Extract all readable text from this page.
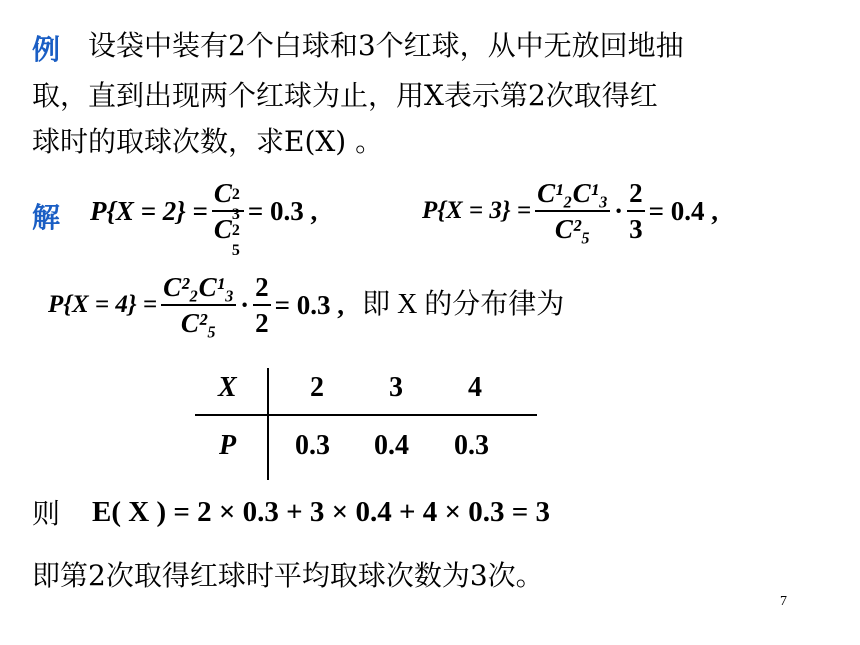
例 设袋中装有2个白球和3个红球，从中无放回地抽
取，直到出现两个红球为止，用X表示第2次取得红
球时的取球次数，求E(X) 。
解 P{X = 2} = C 2
3
C 2
5 = 0.3 ,	$P\{X = 3\} = \frac{\text{C¹₂C¹₃}}{\text{C²₅}} \cdot \frac{2}{3} = 0.4$ ,
$P\{X = 4\} = \frac{\text{C²₂C¹₃}}{\text{C²₅}} \cdot \frac{2}{2} = 0.3$ , 即 X 的分布律为
X	2 3 4
P 0.3 0.4 0.3
则 E( X ) = 2 × 0.3 + 3 × 0.4 + 4 × 0.3 = 3
即第2次取得红球时平均取球次数为3次。
7
